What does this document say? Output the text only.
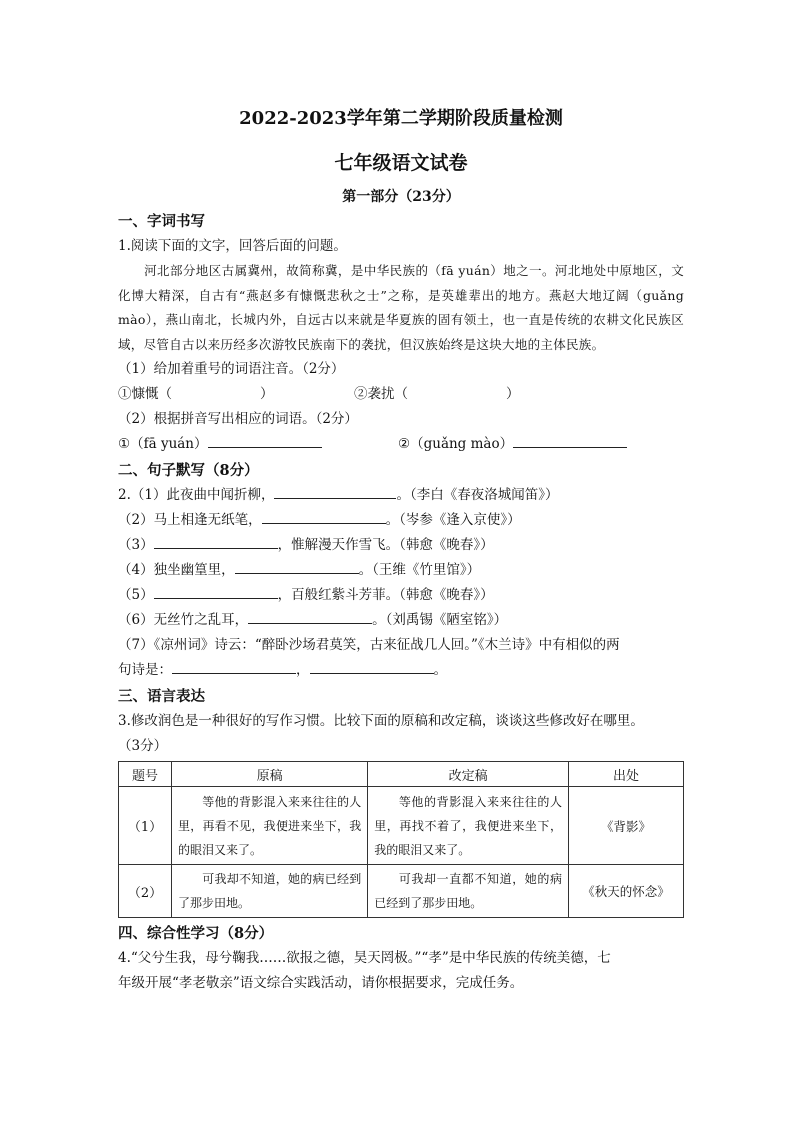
2022-2023学年第二学期阶段质量检测
七年级语文试卷
第一部分（23分）
一、字词书写
1.阅读下面的文字，回答后面的问题。
河北部分地区古属冀州，故简称冀，是中华民族的（fā yuán）地之一。河北地处中原地区，文化博大精深，自古有“燕赵多有慷慨悲秋之士”之称，是英雄辈出的地方。燕赵大地辽阔（guǎng mào），燕山南北，长城内外，自远古以来就是华夏族的固有领土，也一直是传统的农耕文化民族区域，尽管自古以来历经多次游牧民族南下的袭扰，但汉族始终是这块大地的主体民族。
（1）给加着重号的词语注音。（2分）
①慷慨（	）	②袭扰（	）
（2）根据拼音写出相应的词语。（2分）
①（fā yuán）	②（guǎng mào）
二、句子默写（8分）
2.（1）此夜曲中闻折柳，	。（李白《春夜洛城闻笛》）
（2）马上相逢无纸笔，	。（岑参《逢入京使》）
（3）	，惟解漫天作雪飞。（韩愈《晚春》）
（4）独坐幽篁里，	。（王维《竹里馆》）
（5）	，百般红紫斗芳菲。（韩愈《晚春》）
（6）无丝竹之乱耳，	。（刘禹锡《陋室铭》）
（7）《凉州词》诗云：“醉卧沙场君莫笑，古来征战几人回。”《木兰诗》中有相似的两
句诗是：	，	。
三、语言表达
3.修改润色是一种很好的写作习惯。比较下面的原稿和改定稿，谈谈这些修改好在哪里。
（3分）
题号	原稿	改定稿	出处
（1）	等他的背影混入来来往往的人里，再看不见，我便进来坐下，我的眼泪又来了。	等他的背影混入来来往往的人里，再找不着了，我便进来坐下，我的眼泪又来了。	《背影》
（2）	可我却不知道，她的病已经到了那步田地。	可我却一直都不知道，她的病已经到了那步田地。	《秋天的怀念》
四、综合性学习（8分）
4.“父兮生我，母兮鞠我……欲报之德，昊天罔极。”“孝”是中华民族的传统美德，七
年级开展“孝老敬亲”语文综合实践活动，请你根据要求，完成任务。
